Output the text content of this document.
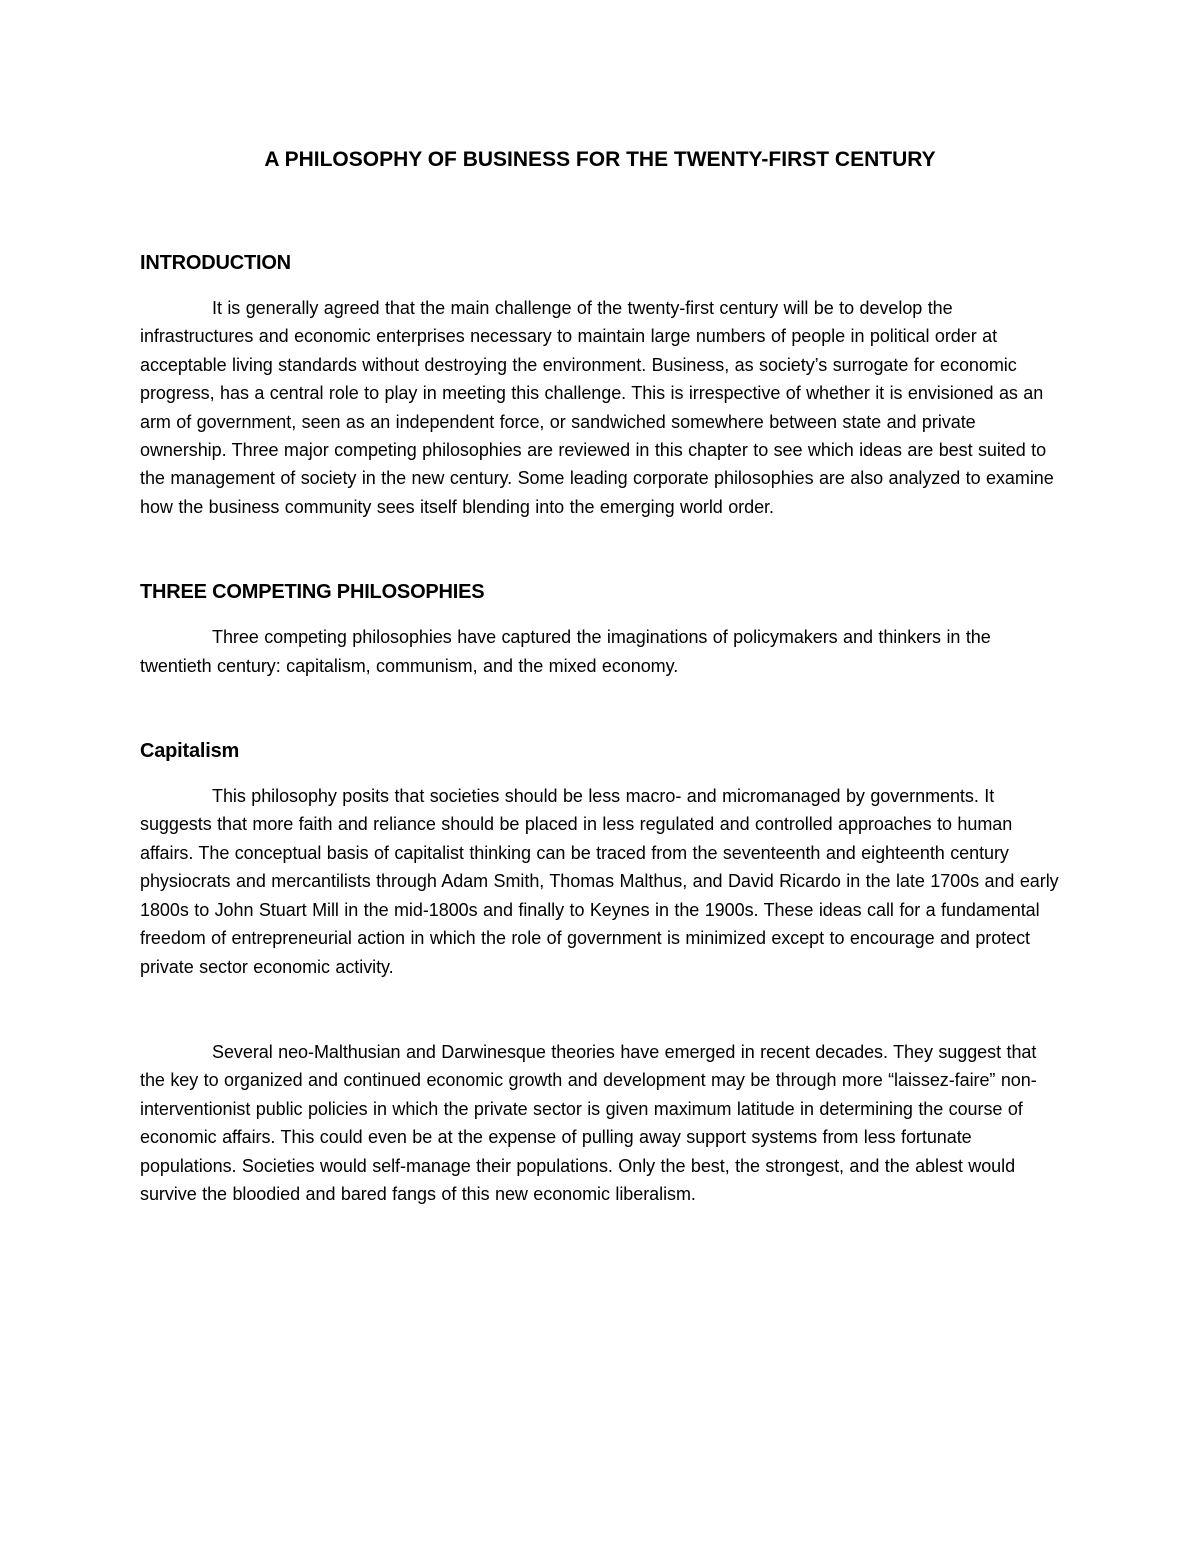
A PHILOSOPHY OF BUSINESS FOR THE TWENTY-FIRST CENTURY
INTRODUCTION

It is generally agreed that the main challenge of the twenty-first century will be to develop the infrastructures and economic enterprises necessary to maintain large numbers of people in political order at acceptable living standards without destroying the environment. Business, as society’s surrogate for economic progress, has a central role to play in meeting this challenge. This is irrespective of whether it is envisioned as an arm of government, seen as an independent force, or sandwiched somewhere between state and private ownership. Three major competing philosophies are reviewed in this chapter to see which ideas are best suited to the management of society in the new century. Some leading corporate philosophies are also analyzed to examine how the business community sees itself blending into the emerging world order.

THREE COMPETING PHILOSOPHIES

Three competing philosophies have captured the imaginations of policymakers and thinkers in the twentieth century: capitalism, communism, and the mixed economy.

Capitalism

This philosophy posits that societies should be less macro- and micromanaged by governments. It suggests that more faith and reliance should be placed in less regulated and controlled approaches to human affairs. The conceptual basis of capitalist thinking can be traced from the seventeenth and eighteenth century physiocrats and mercantilists through Adam Smith, Thomas Malthus, and David Ricardo in the late 1700s and early 1800s to John Stuart Mill in the mid-1800s and finally to Keynes in the 1900s. These ideas call for a fundamental freedom of entrepreneurial action in which the role of government is minimized except to encourage and protect private sector economic activity.

Several neo-Malthusian and Darwinesque theories have emerged in recent decades. They suggest that the key to organized and continued economic growth and development may be through more “laissez-faire” non-interventionist public policies in which the private sector is given maximum latitude in determining the course of economic affairs. This could even be at the expense of pulling away support systems from less fortunate populations. Societies would self-manage their populations. Only the best, the strongest, and the ablest would survive the bloodied and bared fangs of this new economic liberalism.
